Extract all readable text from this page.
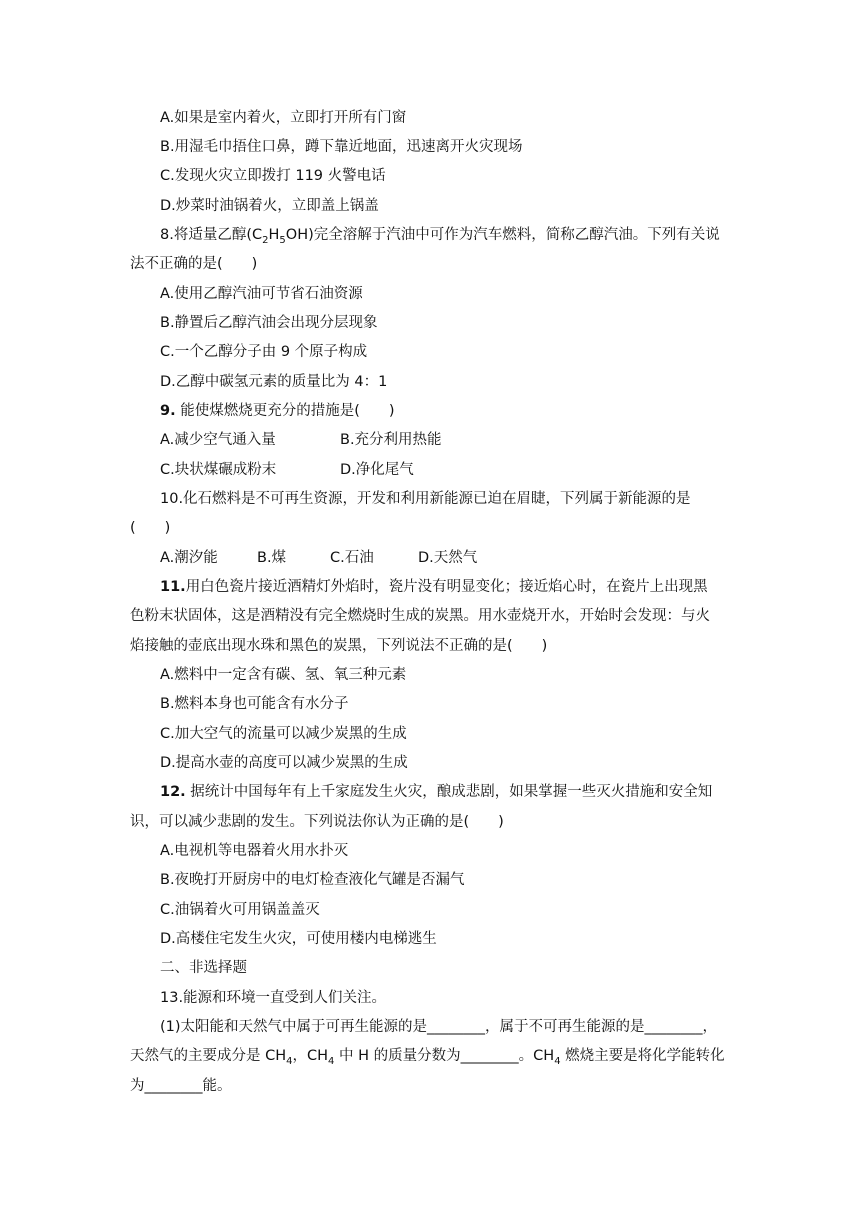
A.如果是室内着火，立即打开所有门窗
B.用湿毛巾捂住口鼻，蹲下靠近地面，迅速离开火灾现场
C.发现火灾立即拨打 119 火警电话
D.炒菜时油锅着火，立即盖上锅盖
8.将适量乙醇$(C_2H_5OH)$完全溶解于汽油中可作为汽车燃料，简称乙醇汽油。下列有关说
法不正确的是(　　)
A.使用乙醇汽油可节省石油资源
B.静置后乙醇汽油会出现分层现象
C.一个乙醇分子由 9 个原子构成
D.乙醇中碳氢元素的质量比为 4：1
9. 能使煤燃烧更充分的措施是(　　)
A.减少空气通入量	B.充分利用热能
C.块状煤碾成粉末	D.净化尾气
10.化石燃料是不可再生资源，开发和利用新能源已迫在眉睫，下列属于新能源的是
(　　)
A.潮汐能	B.煤	C.石油	D.天然气
11.用白色瓷片接近酒精灯外焰时，瓷片没有明显变化；接近焰心时，在瓷片上出现黑
色粉末状固体，这是酒精没有完全燃烧时生成的炭黑。用水壶烧开水，开始时会发现：与火
焰接触的壶底出现水珠和黑色的炭黑，下列说法不正确的是(　　)
A.燃料中一定含有碳、氢、氧三种元素
B.燃料本身也可能含有水分子
C.加大空气的流量可以减少炭黑的生成
D.提高水壶的高度可以减少炭黑的生成
12. 据统计中国每年有上千家庭发生火灾，酿成悲剧，如果掌握一些灭火措施和安全知
识，可以减少悲剧的发生。下列说法你认为正确的是(　　)
A.电视机等电器着火用水扑灭
B.夜晚打开厨房中的电灯检查液化气罐是否漏气
C.油锅着火可用锅盖盖灭
D.高楼住宅发生火灾，可使用楼内电梯逃生
二、非选择题
13.能源和环境一直受到人们关注。
(1)太阳能和天然气中属于可再生能源的是________，属于不可再生能源的是________，
天然气的主要成分是 $CH_4$，$CH_4$ 中 H 的质量分数为________。$CH_4$ 燃烧主要是将化学能转化
为________能。
